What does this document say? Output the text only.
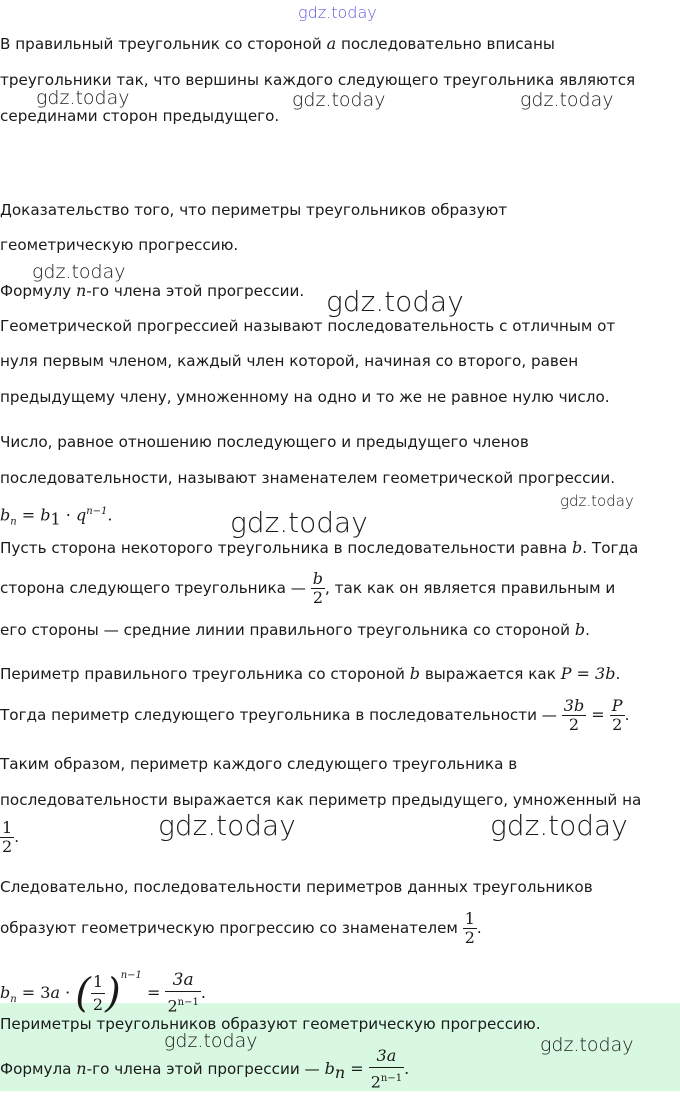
В правильный треугольник со стороной a последовательно вписаны
треугольники так, что вершины каждого следующего треугольника являются
серединами сторон предыдущего.
Доказательство того, что периметры треугольников образуют
геометрическую прогрессию.
Формулу n-го члена этой прогрессии.
Геометрической прогрессией называют последовательность с отличным от
нуля первым членом, каждый член которой, начиная со второго, равен
предыдущему члену, умноженному на одно и то же не равное нулю число.
Число, равное отношению последующего и предыдущего членов
последовательности, называют знаменателем геометрической прогрессии.
$b_n = b_1 \cdot q^{n-1}$.
Пусть сторона некоторого треугольника в последовательности равна b. Тогда
сторона следующего треугольника — $\frac{b}{2}$ , так как он является правильным и
его стороны — средние линии правильного треугольника со стороной b.
Периметр правильного треугольника со стороной b выражается как P = 3b.
Тогда периметр следующего треугольника в последовательности — $\frac{3b}{2} = \frac{P}{2}$ .
Таким образом, периметр каждого следующего треугольника в
последовательности выражается как периметр предыдущего, умноженный на
$\frac{1}{2}$ .
Следовательно, последовательности периметров данных треугольников
образуют геометрическую прогрессию со знаменателем $\frac{1}{2}$ .
$b_n = 3a$ · ( $\frac{1}{2} )^{n-1} = \frac{3a}{2^{n-1}}$ .
Периметры треугольников образуют геометрическую прогрессию.
Формула n-го члена этой прогрессии — $b_n = \frac{3a}{2^{n-1}}$ .
gdz.today
gdz.today	gdz.today	gdz.today
gdz.today
gdz.today
gdz.today
gdz.today
gdz.today	gdz.today
gdz.today	gdz.today
